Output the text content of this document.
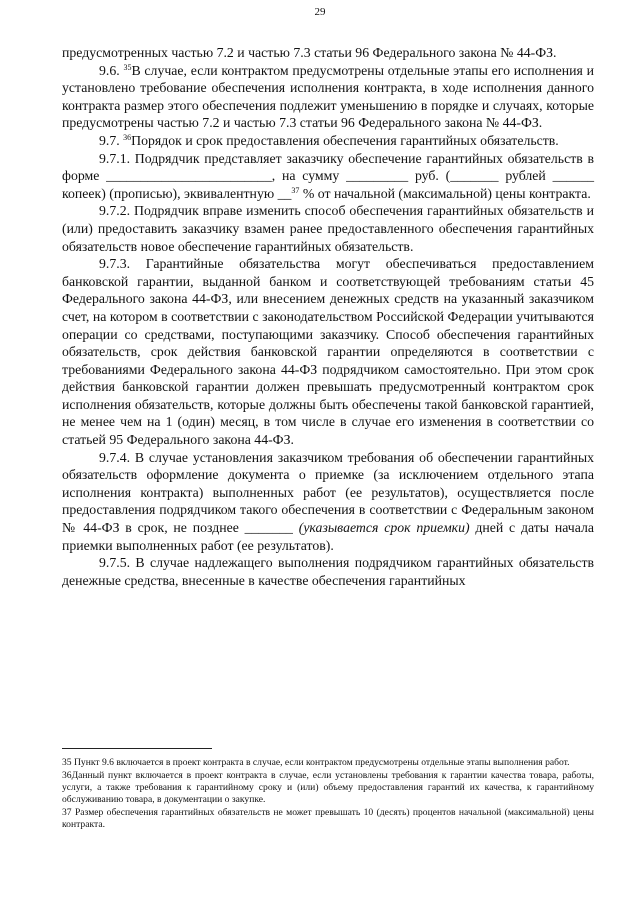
29

предусмотренных частью 7.2 и частью 7.3 статьи 96 Федерального закона № 44-ФЗ.

9.6. $^{35}$В случае, если контрактом предусмотрены отдельные этапы его исполнения и установлено требование обеспечения исполнения контракта, в ходе исполнения данного контракта размер этого обеспечения подлежит уменьшению в порядке и случаях, которые предусмотрены частью 7.2 и частью 7.3 статьи 96 Федерального закона № 44-ФЗ.

9.7. $^{36}$Порядок и срок предоставления обеспечения гарантийных обязательств.

9.7.1. Подрядчик представляет заказчику обеспечение гарантийных обязательств в форме ________________________, на сумму _________ руб. (_______ рублей ______ копеек) (прописью), эквивалентную __$^{37}$ % от начальной (максимальной) цены контракта.

9.7.2. Подрядчик вправе изменить способ обеспечения гарантийных обязательств и (или) предоставить заказчику взамен ранее предоставленного обеспечения гарантийных обязательств новое обеспечение гарантийных обязательств.

9.7.3. Гарантийные обязательства могут обеспечиваться предоставлением банковской гарантии, выданной банком и соответствующей требованиям статьи 45 Федерального закона 44-ФЗ, или внесением денежных средств на указанный заказчиком счет, на котором в соответствии с законодательством Российской Федерации учитываются операции со средствами, поступающими заказчику. Способ обеспечения гарантийных обязательств, срок действия банковской гарантии определяются в соответствии с требованиями Федерального закона 44-ФЗ подрядчиком самостоятельно. При этом срок действия банковской гарантии должен превышать предусмотренный контрактом срок исполнения обязательств, которые должны быть обеспечены такой банковской гарантией, не менее чем на 1 (один) месяц, в том числе в случае его изменения в соответствии со статьей 95 Федерального закона 44-ФЗ.

9.7.4. В случае установления заказчиком требования об обеспечении гарантийных обязательств оформление документа о приемке (за исключением отдельного этапа исполнения контракта) выполненных работ (ее результатов), осуществляется после предоставления подрядчиком такого обеспечения в соответствии с Федеральным законом № 44-ФЗ в срок, не позднее _______ (указывается срок приемки) дней с даты начала приемки выполненных работ (ее результатов).

9.7.5. В случае надлежащего выполнения подрядчиком гарантийных обязательств денежные средства, внесенные в качестве обеспечения гарантийных

35 Пункт 9.6 включается в проект контракта в случае, если контрактом предусмотрены отдельные этапы выполнения работ.

36Данный пункт включается в проект контракта в случае, если установлены требования к гарантии качества товара, работы, услуги, а также требования к гарантийному сроку и (или) объему предоставления гарантий их качества, к гарантийному обслуживанию товара, в документации о закупке.

37 Размер обеспечения гарантийных обязательств не может превышать 10 (десять) процентов начальной (максимальной) цены контракта.
